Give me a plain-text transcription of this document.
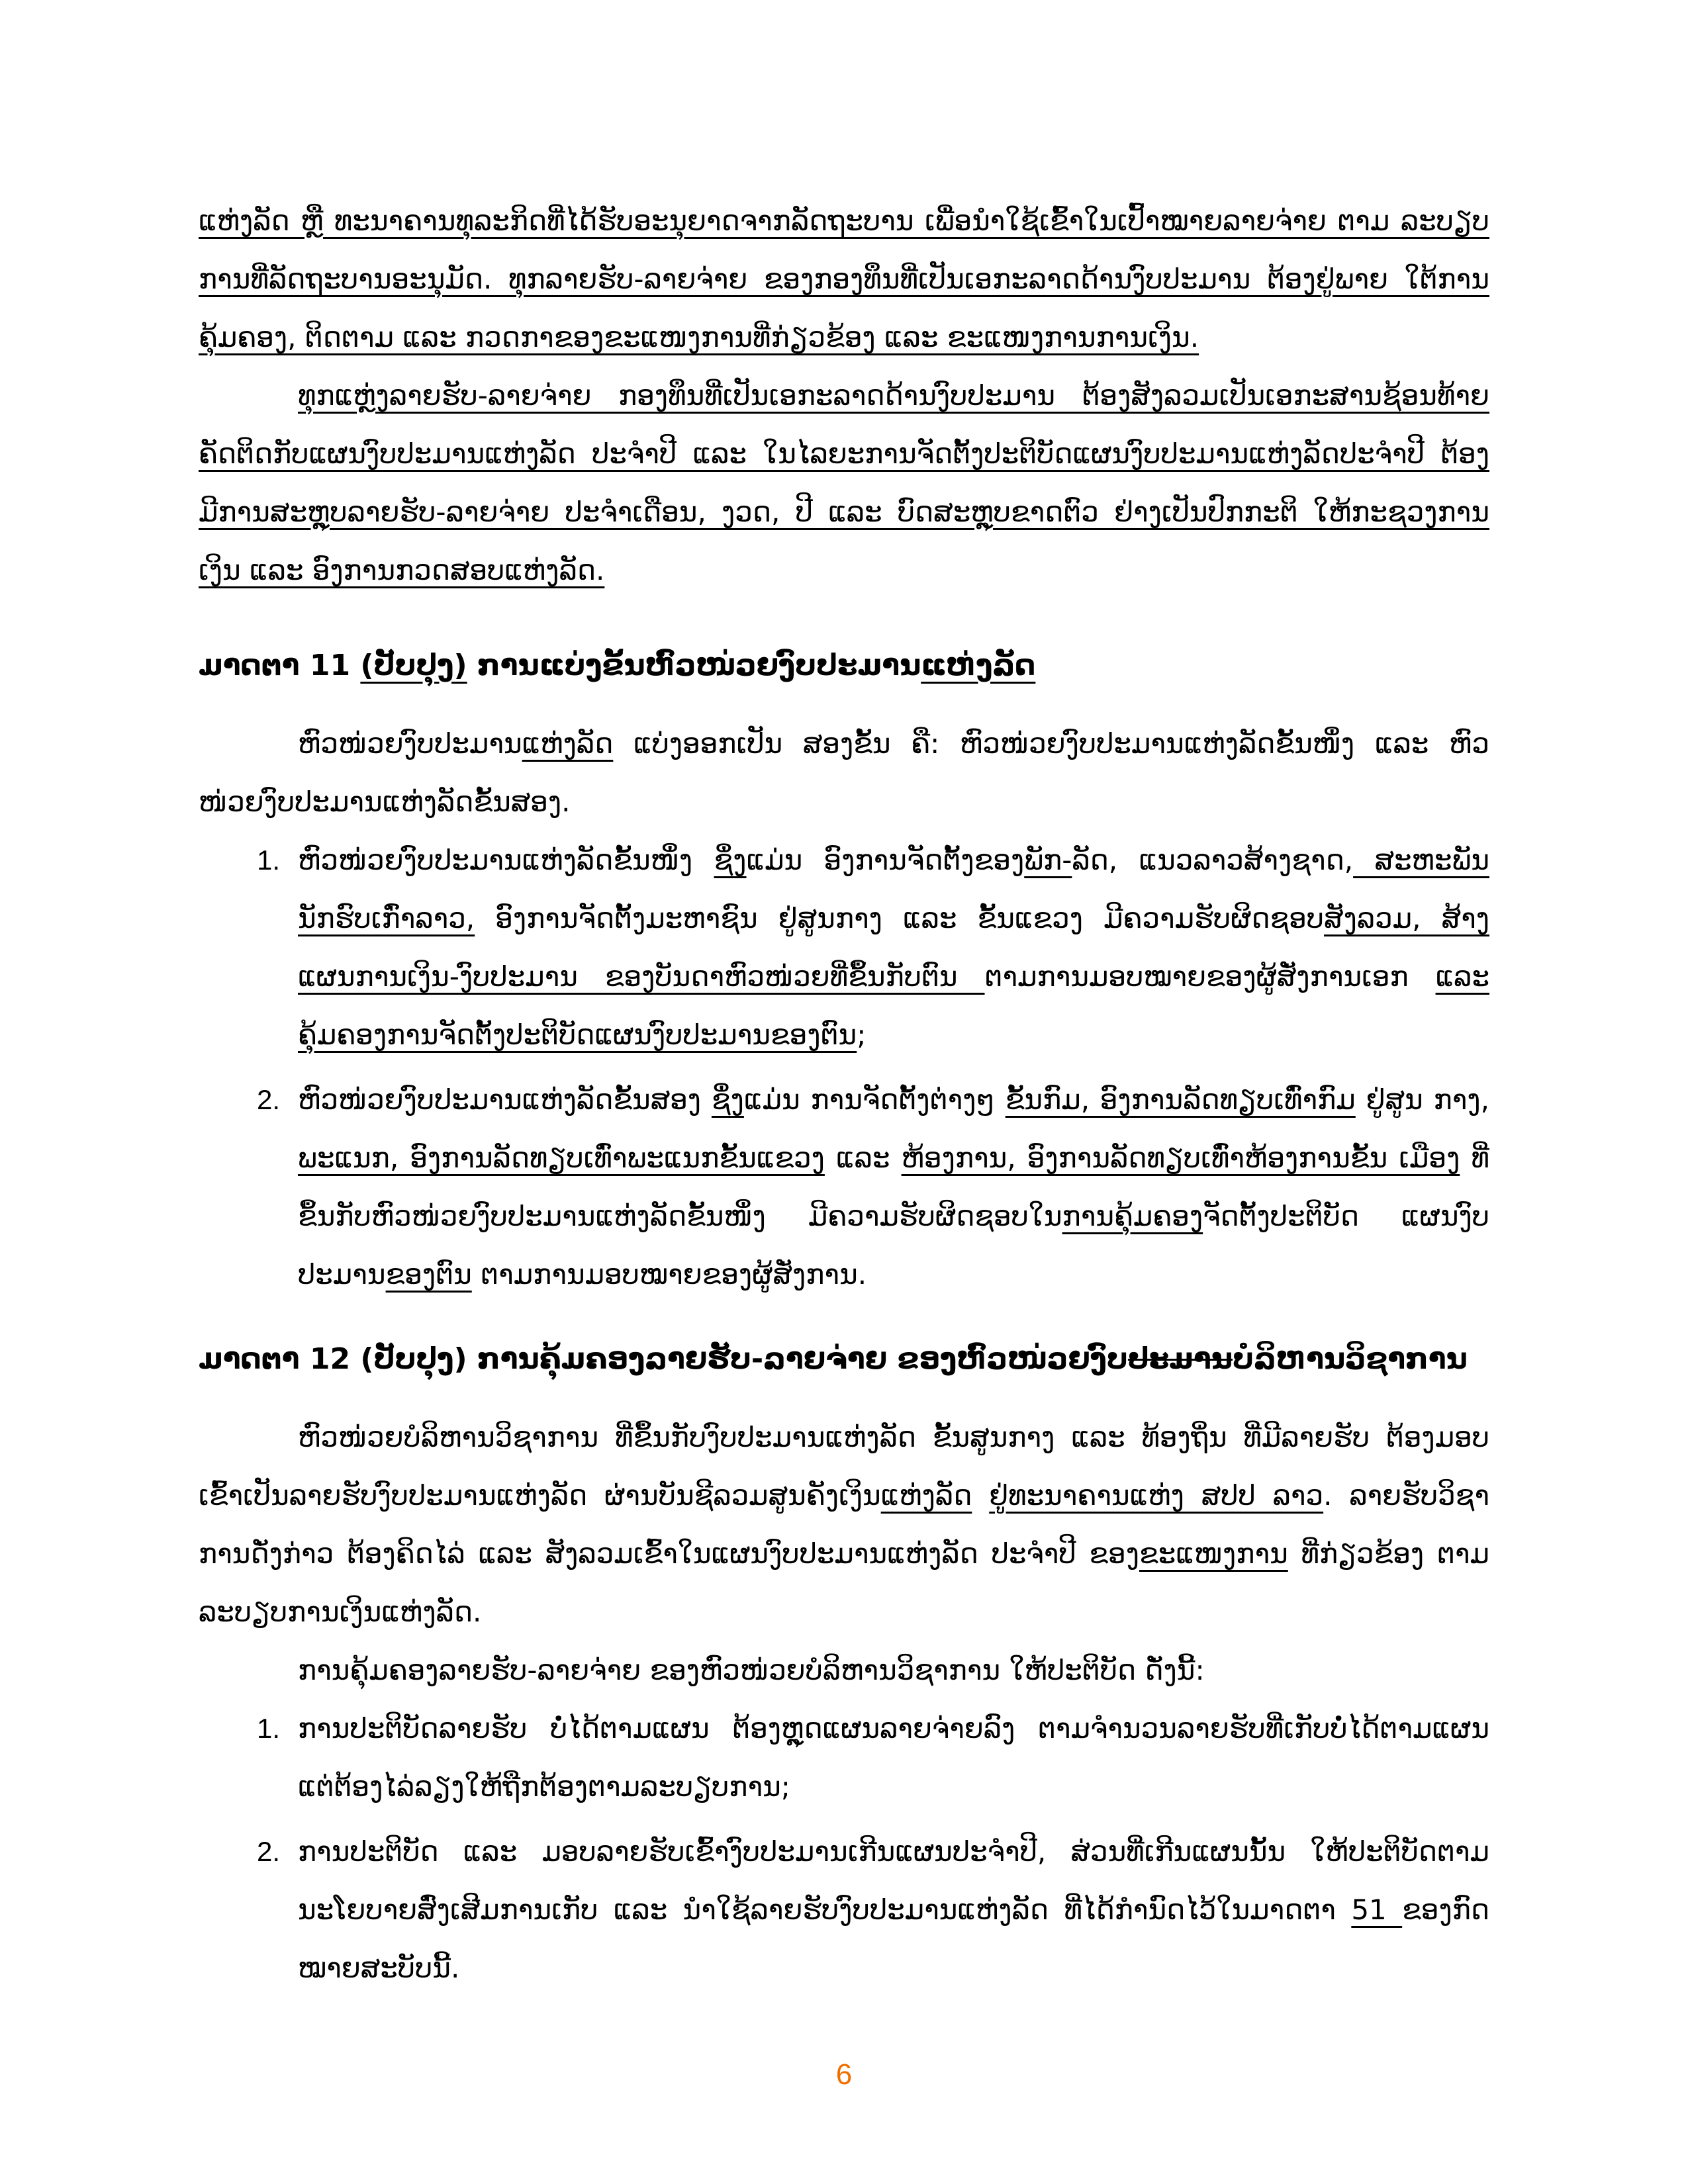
ແຫ່ງລັດ ຫຼື ທະນາຄານທຸລະກິດທີ່ໄດ້ຮັບອະນຸຍາດຈາກລັດຖະບານ ເພື່ອນຳໃຊ້ເຂົ້າໃນເປົ້າໝາຍລາຍຈ່າຍ ຕາມ ລະບຽບການທີ່ລັດຖະບານອະນຸມັດ. ທຸກລາຍຮັບ-ລາຍຈ່າຍ ຂອງກອງທຶນທີ່ເປັນເອກະລາດດ້ານງົບປະມານ ຕ້ອງຢູ່ພາຍ ໃຕ້ການຄຸ້ມຄອງ, ຕິດຕາມ ແລະ ກວດກາຂອງຂະແໜງການທີ່ກ່ຽວຂ້ອງ ແລະ ຂະແໜງການການເງິນ.

ທຸກແຫຼ່ງລາຍຮັບ-ລາຍຈ່າຍ ກອງທຶນທີ່ເປັນເອກະລາດດ້ານງົບປະມານ ຕ້ອງສັງລວມເປັນເອກະສານຊ້ອນທ້າຍ ຄັດຕິດກັບແຜນງົບປະມານແຫ່ງລັດ ປະຈຳປີ ແລະ ໃນໄລຍະການຈັດຕັ້ງປະຕິບັດແຜນງົບປະມານແຫ່ງລັດປະຈຳປີ ຕ້ອງ ມີການສະຫຼຸບລາຍຮັບ-ລາຍຈ່າຍ ປະຈຳເດືອນ, ງວດ, ປີ ແລະ ບົດສະຫຼຸບຂາດຕົວ ຢ່າງເປັນປົກກະຕິ ໃຫ້ກະຊວງການ ເງິນ ແລະ ອົງການກວດສອບແຫ່ງລັດ.

ມາດຕາ 11 (ປັບປຸງ) ການແບ່ງຂັ້ນຫົວໜ່ວຍງົບປະມານແຫ່ງລັດ

ຫົວໜ່ວຍງົບປະມານແຫ່ງລັດ ແບ່ງອອກເປັນ ສອງຂັ້ນ ຄື: ຫົວໜ່ວຍງົບປະມານແຫ່ງລັດຂັ້ນໜຶ່ງ ແລະ ຫົວ ໜ່ວຍງົບປະມານແຫ່ງລັດຂັ້ນສອງ.

1. ຫົວໜ່ວຍງົບປະມານແຫ່ງລັດຂັ້ນໜຶ່ງ ຊຶ່ງແມ່ນ ອົງການຈັດຕັ້ງຂອງພັກ-ລັດ, ແນວລາວສ້າງຊາດ, ສະຫະພັນ ນັກຮົບເກົ່າລາວ, ອົງການຈັດຕັ້ງມະຫາຊົນ ຢູ່ສູນກາງ ແລະ ຂັ້ນແຂວງ ມີຄວາມຮັບຜິດຊອບສັງລວມ, ສ້າງ ແຜນການເງິນ-ງົບປະມານ ຂອງບັນດາຫົວໜ່ວຍທີ່ຂຶ້ນກັບຕົນ ຕາມການມອບໝາຍຂອງຜູ້ສັ່ງການເອກ ແລະ ຄຸ້ມຄອງການຈັດຕັ້ງປະຕິບັດແຜນງົບປະມານຂອງຕົນ;
2. ຫົວໜ່ວຍງົບປະມານແຫ່ງລັດຂັ້ນສອງ ຊຶ່ງແມ່ນ ການຈັດຕັ້ງຕ່າງໆ ຂັ້ນກົມ, ອົງການລັດທຽບເທົ່າກົມ ຢູ່ສູນ ກາງ, ພະແນກ, ອົງການລັດທຽບເທົ່າພະແນກຂັ້ນແຂວງ ແລະ ຫ້ອງການ, ອົງການລັດທຽບເທົ່າຫ້ອງການຂັ້ນ ເມືອງ ທີ່ຂຶ້ນກັບຫົວໜ່ວຍງົບປະມານແຫ່ງລັດຂັ້ນໜຶ່ງ ມີຄວາມຮັບຜິດຊອບໃນການຄຸ້ມຄອງຈັດຕັ້ງປະຕິບັດ ແຜນງົບປະມານຂອງຕົນ ຕາມການມອບໝາຍຂອງຜູ້ສັ່ງການ.
ມາດຕາ 12 (ປັບປຸງ) ການຄຸ້ມຄອງລາຍຮັບ-ລາຍຈ່າຍ ຂອງຫົວໜ່ວຍງົບປະມານບໍລິຫານວິຊາການ

ຫົວໜ່ວຍບໍລິຫານວິຊາການ ທີ່ຂຶ້ນກັບງົບປະມານແຫ່ງລັດ ຂັ້ນສູນກາງ ແລະ ທ້ອງຖິ່ນ ທີ່ມີລາຍຮັບ ຕ້ອງມອບ ເຂົ້າເປັນລາຍຮັບງົບປະມານແຫ່ງລັດ ຜ່ານບັນຊີລວມສູນຄັງເງິນແຫ່ງລັດ ຢູ່ທະນາຄານແຫ່ງ ສປປ ລາວ. ລາຍຮັບວິຊາ ການດັ່ງກ່າວ ຕ້ອງຄິດໄລ່ ແລະ ສັງລວມເຂົ້າໃນແຜນງົບປະມານແຫ່ງລັດ ປະຈຳປີ ຂອງຂະແໜງການ ທີ່ກ່ຽວຂ້ອງ ຕາມ ລະບຽບການເງິນແຫ່ງລັດ.

ການຄຸ້ມຄອງລາຍຮັບ-ລາຍຈ່າຍ ຂອງຫົວໜ່ວຍບໍລິຫານວິຊາການ ໃຫ້ປະຕິບັດ ດັ່ງນີ້:

1. ການປະຕິບັດລາຍຮັບ ບໍ່ໄດ້ຕາມແຜນ ຕ້ອງຫຼຸດແຜນລາຍຈ່າຍລົງ ຕາມຈຳນວນລາຍຮັບທີ່ເກັບບໍ່ໄດ້ຕາມແຜນ ແຕ່ຕ້ອງໄລ່ລຽງໃຫ້ຖືກຕ້ອງຕາມລະບຽບການ;
2. ການປະຕິບັດ ແລະ ມອບລາຍຮັບເຂົ້າງົບປະມານເກີນແຜນປະຈຳປີ, ສ່ວນທີ່ເກີນແຜນນັ້ນ ໃຫ້ປະຕິບັດຕາມ ນະໂຍບາຍສົ່ງເສີມການເກັບ ແລະ ນຳໃຊ້ລາຍຮັບງົບປະມານແຫ່ງລັດ ທີ່ໄດ້ກຳນົດໄວ້ໃນມາດຕາ 51 ຂອງກົດ ໝາຍສະບັບນີ້.
6
